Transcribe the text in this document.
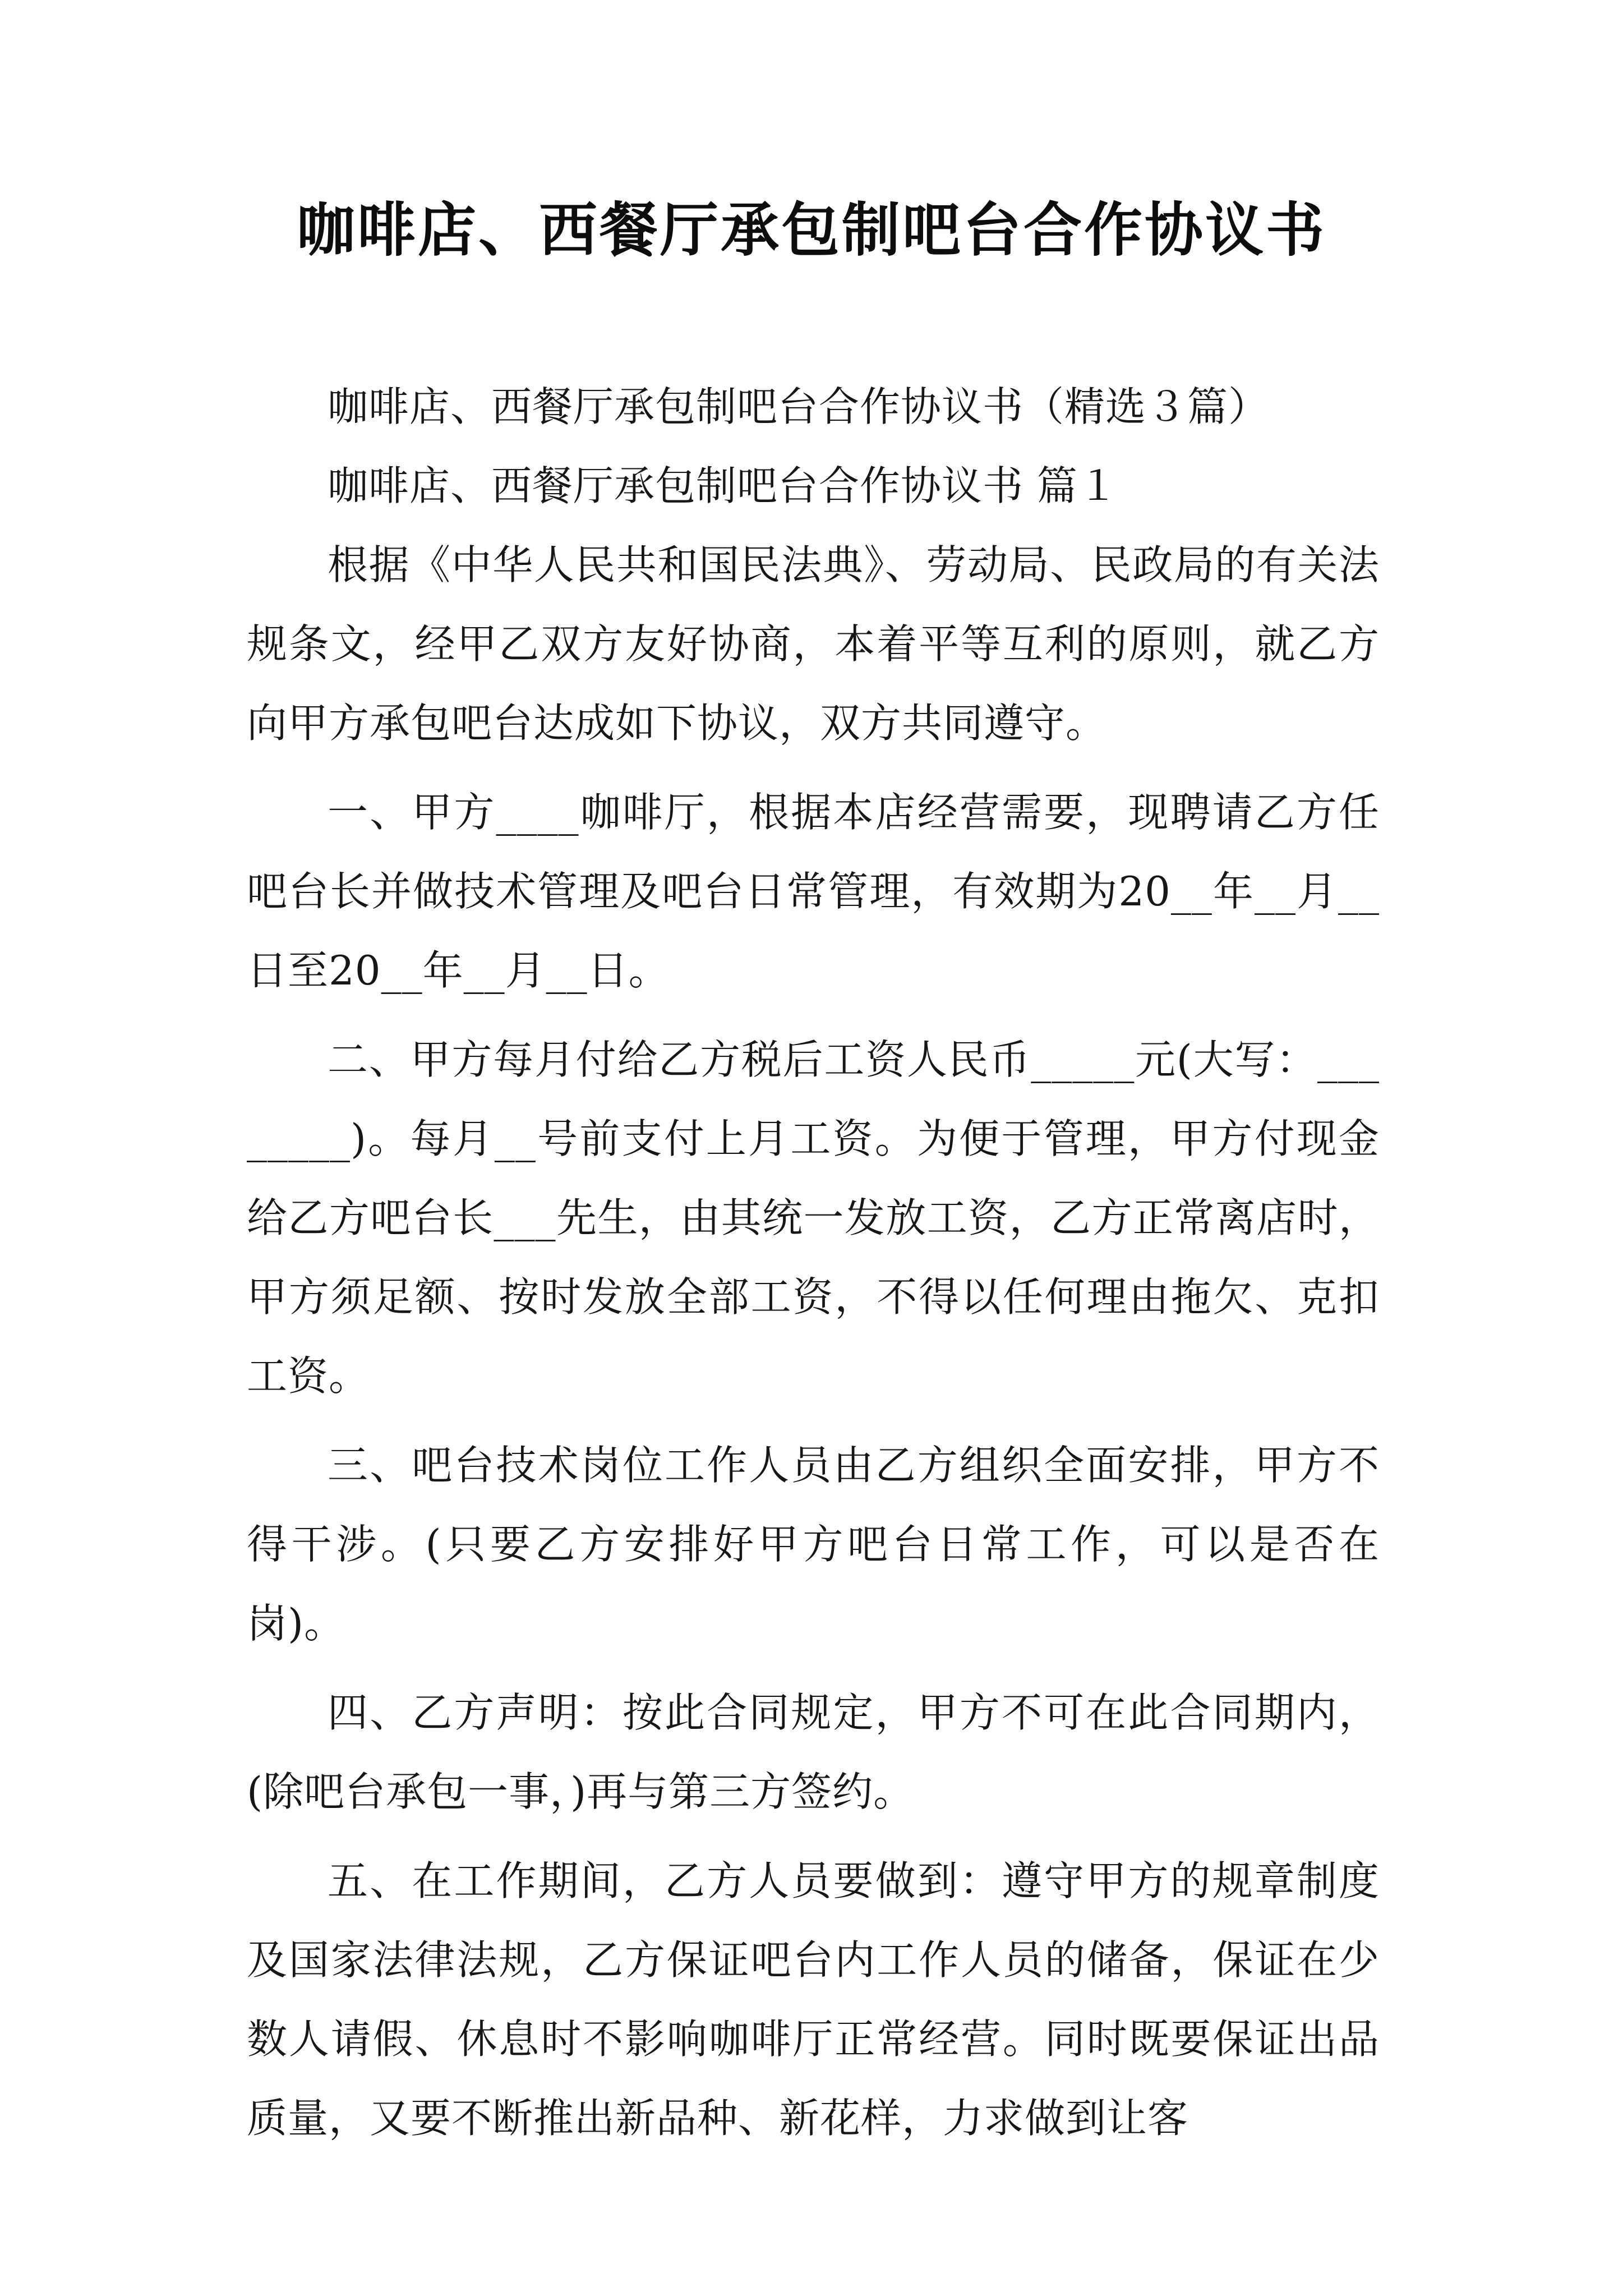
咖啡店、西餐厅承包制吧台合作协议书

咖啡店、西餐厅承包制吧台合作协议书（精选３篇）

咖啡店、西餐厅承包制吧台合作协议书 篇１

根据《中华人民共和国民法典》、劳动局、民政局的有关法规条文，经甲乙双方友好协商，本着平等互利的原则，就乙方向甲方承包吧台达成如下协议，双方共同遵守。

一、甲方____咖啡厅，根据本店经营需要，现聘请乙方任吧台长并做技术管理及吧台日常管理，有效期为20__年__月__日至20__年__月__日。

二、甲方每月付给乙方税后工资人民币_____元(大写：________)。每月__号前支付上月工资。为便于管理，甲方付现金给乙方吧台长___先生，由其统一发放工资，乙方正常离店时，甲方须足额、按时发放全部工资，不得以任何理由拖欠、克扣工资。

三、吧台技术岗位工作人员由乙方组织全面安排，甲方不得干涉。(只要乙方安排好甲方吧台日常工作，可以是否在岗)。

四、乙方声明：按此合同规定，甲方不可在此合同期内，(除吧台承包一事，)再与第三方签约。

五、在工作期间，乙方人员要做到：遵守甲方的规章制度及国家法律法规，乙方保证吧台内工作人员的储备，保证在少数人请假、休息时不影响咖啡厅正常经营。同时既要保证出品质量，又要不断推出新品种、新花样，力求做到让客
